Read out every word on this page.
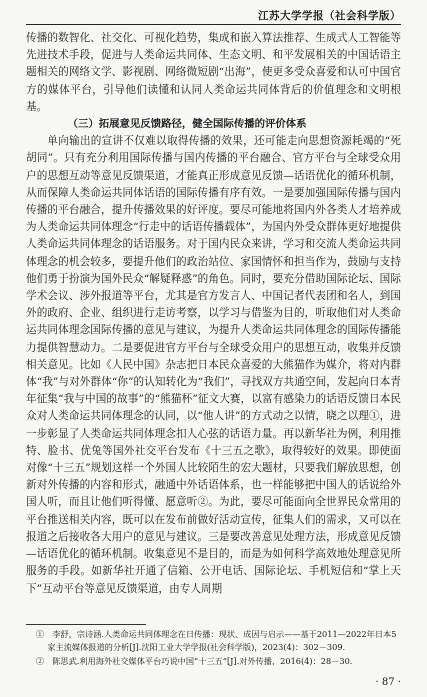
江苏大学学报（社会科学版）

传播的数智化、社交化、可视化趋势，集成和嵌入算法推荐、生成式人工智能等先进技术手段，促进与人类命运共同体、生态文明、和平发展相关的中国话语主题相关的网络文学、影视剧、网络微短剧“出海”，使更多受众喜爱和认可中国官方的媒体平台，引导他们读懂和认同人类命运共同体背后的价值理念和文明根基。

（三）拓展意见反馈路径，健全国际传播的评价体系

单向输出的宣讲不仅难以取得传播的效果，还可能走向思想资源耗竭的“死胡同”。只有充分利用国际传播与国内传播的平台融合、官方平台与全球受众用户的思想互动等意见反馈渠道，才能真正形成意见反馈—话语优化的循环机制，从而保障人类命运共同体话语的国际传播有序有效。一是要加强国际传播与国内传播的平台融合，提升传播效果的好评度。要尽可能地将国内外各类人才培养成为人类命运共同体理念“行走中的话语传播载体”，为国内外受众群体更好地提供人类命运共同体理念的话语服务。对于国内民众来讲，学习和交流人类命运共同体理念的机会较多，要提升他们的政治站位、家国情怀和担当作为，鼓励与支持他们勇于扮演为国外民众“解疑释惑”的角色。同时，要充分借助国际论坛、国际学术会议、涉外报道等平台，尤其是官方发言人、中国记者代表团和名人，到国外的政府、企业、组织进行走访考察，以学习与借鉴为目的，听取他们对人类命运共同体理念国际传播的意见与建议，为提升人类命运共同体理念的国际传播能力提供智慧动力。二是要促进官方平台与全球受众用户的思想互动，收集并反馈相关意见。比如《人民中国》杂志把日本民众喜爱的大熊猫作为媒介，将对内群体“我”与对外群体“你”的认知转化为“我们”，寻找双方共通空间，发起向日本青年征集“我与中国的故事”的“熊猫杯”征文大赛，以富有感染力的话语反馈日本民众对人类命运共同体理念的认同，以“他人讲”的方式动之以情，晓之以理①，进一步彰显了人类命运共同体理念扣人心弦的话语力量。再以新华社为例，利用推特、脸书、优兔等国外社交平台发布《十三五之歌》，取得较好的效果。即使面对像“十三五”规划这样一个外国人比较陌生的宏大题材，只要我们解放思想，创新对外传播的内容和形式，融通中外话语体系，也一样能够把中国人的话说给外国人听，而且让他们听得懂、愿意听②。为此，要尽可能面向全世界民众常用的平台推送相关内容，既可以在发布前做好活动宣传，征集人们的需求，又可以在报道之后接收各大用户的意见与建议。三是要改善意见处理方法，形成意见反馈—话语优化的循环机制。收集意见不是目的，而是为如何科学高效地处理意见所服务的手段。如新华社开通了信箱、公开电话、国际论坛、手机短信和“掌上天下”互动平台等意见反馈渠道，由专人周期

①　李舒，宗诗涵.人类命运共同体理念在日传播：现状、成因与启示——基于2011—2022年日本5家主流媒体报道的分析[J].沈阳工业大学学报(社会科学版)，2023(4)：302－309.

②　陈思武.利用海外社交媒体平台巧说中国“十三五”[J].对外传播，2016(4)：28－30.

· 87 ·
